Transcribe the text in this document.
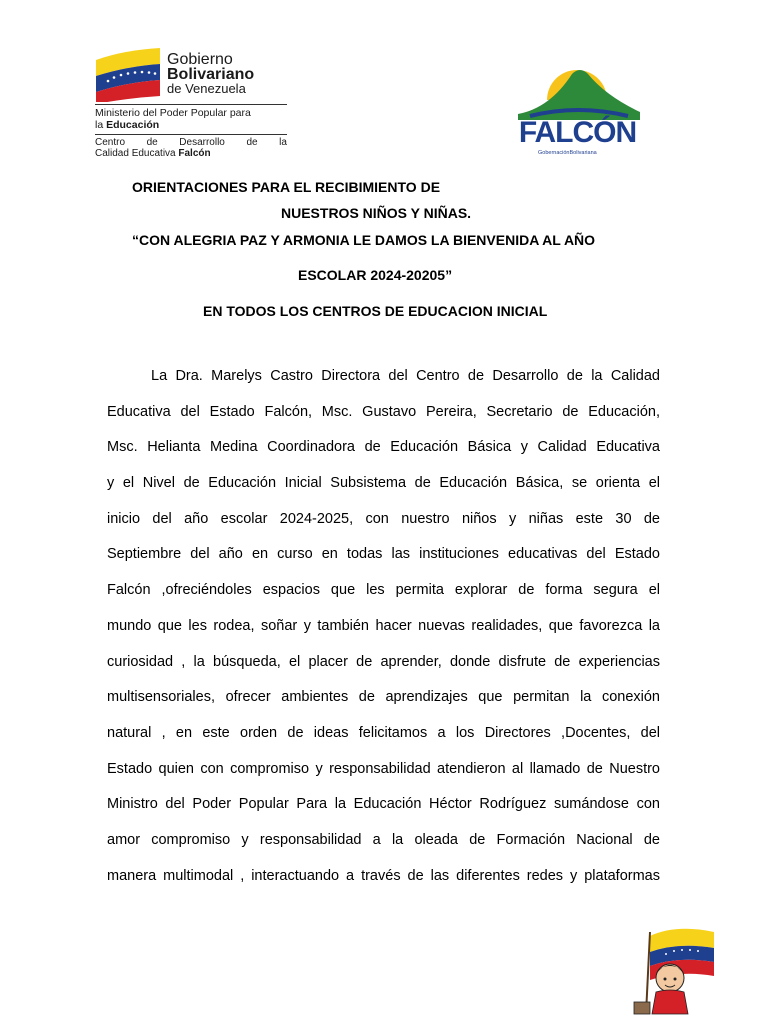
Gobierno
Bolivariano
de Venezuela
Ministerio del Poder Popular para
la Educación
Centro de Desarrollo de la
Calidad Educativa Falcón
FALCÓN
GobernaciónBolivariana
ORIENTACIONES PARA EL RECIBIMIENTO DE
NUESTROS NIÑOS Y NIÑAS.
“CON ALEGRIA PAZ Y ARMONIA LE DAMOS LA BIENVENIDA AL AÑO
ESCOLAR 2024-20205”
EN TODOS LOS CENTROS DE EDUCACION INICIAL
La Dra. Marelys Castro Directora del Centro de Desarrollo de la Calidad
Educativa del Estado Falcón, Msc. Gustavo Pereira, Secretario de Educación,
Msc. Helianta Medina Coordinadora de Educación Básica y Calidad Educativa
y el Nivel de Educación Inicial Subsistema de Educación Básica, se orienta el
inicio del año escolar 2024-2025, con nuestro niños y niñas este 30 de
Septiembre del año en curso en todas las instituciones educativas del Estado
Falcón ,ofreciéndoles espacios que les permita explorar de forma segura el
mundo que les rodea, soñar y también hacer nuevas realidades, que favorezca la
curiosidad , la búsqueda, el placer de aprender, donde disfrute de experiencias
multisensoriales, ofrecer ambientes de aprendizajes que permitan la conexión
natural , en este orden de ideas felicitamos a los Directores ,Docentes, del
Estado quien con compromiso y responsabilidad atendieron al llamado de Nuestro
Ministro del Poder Popular Para la Educación Héctor Rodríguez sumándose con
amor compromiso y responsabilidad a la oleada de Formación Nacional de
manera multimodal , interactuando a través de las diferentes redes y plataformas
